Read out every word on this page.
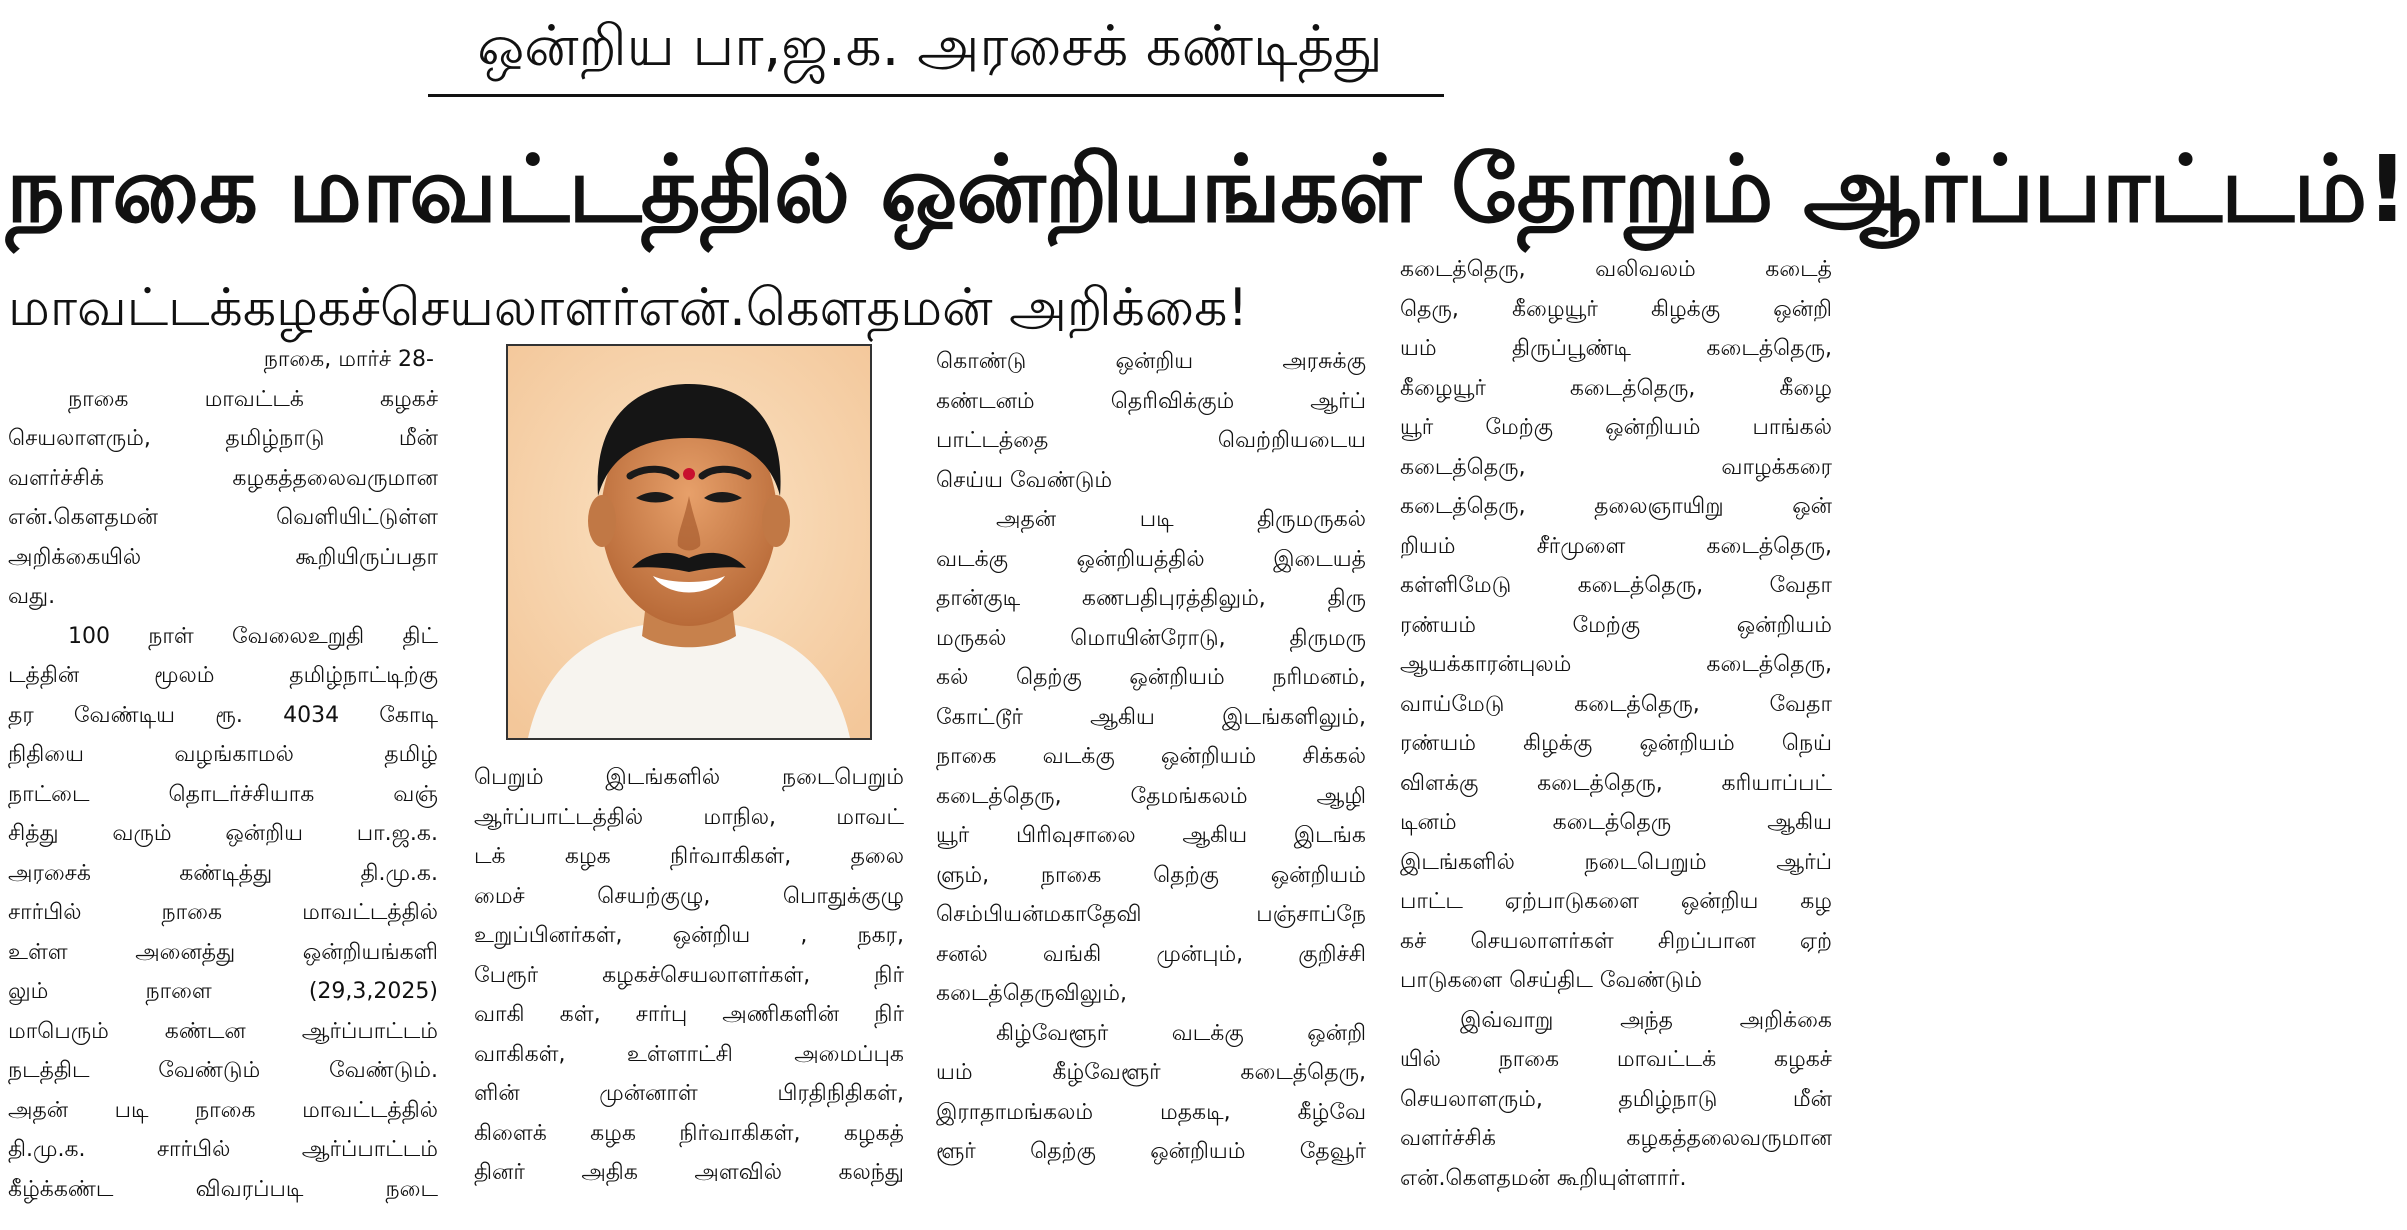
ஒன்றிய பா,ஜ.க. அரசைக் கண்டித்து
நாகை மாவட்டத்தில் ஒன்றியங்கள் தோறும் ஆர்ப்பாட்டம்!
மாவட்டக்கழகச்செயலாளர்என்.கௌதமன் அறிக்கை!
நாகை, மார்ச் 28-
நாகை மாவட்டக் கழகச்
செயலாளரும், தமிழ்நாடு மீன்
வளர்ச்சிக் கழகத்தலைவருமான
என்.கௌதமன் வெளியிட்டுள்ள
அறிக்கையில் கூறியிருப்பதா
வது.
100 நாள் வேலைஉறுதி திட்
டத்தின் மூலம் தமிழ்நாட்டிற்கு
தர வேண்டிய ரூ. 4034 கோடி
நிதியை வழங்காமல் தமிழ்
நாட்டை தொடர்ச்சியாக வஞ்
சித்து வரும் ஒன்றிய பா.ஜ.க.
அரசைக் கண்டித்து தி.மு.க.
சார்பில் நாகை மாவட்டத்தில்
உள்ள அனைத்து ஒன்றியங்களி
லும் நாளை (29,3,2025)
மாபெரும் கண்டன ஆர்ப்பாட்டம்
நடத்திட வேண்டும் வேண்டும்.
அதன் படி நாகை மாவட்டத்தில்
தி.மு.க. சார்பில் ஆர்ப்பாட்டம்
கீழ்க்கண்ட விவரப்படி நடை
பெறும் இடங்களில் நடைபெறும்
ஆர்ப்பாட்டத்தில் மாநில, மாவட்
டக் கழக நிர்வாகிகள், தலை
மைச் செயற்குழு, பொதுக்குழு
உறுப்பினர்கள், ஒன்றிய , நகர,
பேரூர் கழகச்செயலாளர்கள், நிர்
வாகி கள், சார்பு அணிகளின் நிர்
வாகிகள், உள்ளாட்சி அமைப்புக
ளின் முன்னாள் பிரதிநிதிகள்,
கிளைக் கழக நிர்வாகிகள், கழகத்
தினர் அதிக அளவில் கலந்து
கொண்டு ஒன்றிய அரசுக்கு
கண்டனம் தெரிவிக்கும் ஆர்ப்
பாட்டத்தை வெற்றியடைய
செய்ய வேண்டும்
அதன் படி திருமருகல்
வடக்கு ஒன்றியத்தில் இடையத்
தான்குடி கணபதிபுரத்திலும், திரு
மருகல் மொயின்ரோடு, திருமரு
கல் தெற்கு ஒன்றியம் நரிமனம்,
கோட்டூர் ஆகிய இடங்களிலும்,
நாகை வடக்கு ஒன்றியம் சிக்கல்
கடைத்தெரு, தேமங்கலம் ஆழி
யூர் பிரிவுசாலை ஆகிய இடங்க
ளும், நாகை தெற்கு ஒன்றியம்
செம்பியன்மகாதேவி பஞ்சாப்நே
சனல் வங்கி முன்பும், குறிச்சி
கடைத்தெருவிலும்,
கிழ்வேளூர் வடக்கு ஒன்றி
யம் கீழ்வேளூர் கடைத்தெரு,
இராதாமங்கலம் மதகடி, கீழ்வே
ளூர் தெற்கு ஒன்றியம் தேவூர்
கடைத்தெரு, வலிவலம் கடைத்
தெரு, கீழையூர் கிழக்கு ஒன்றி
யம் திருப்பூண்டி கடைத்தெரு,
கீழையூர் கடைத்தெரு, கீழை
யூர் மேற்கு ஒன்றியம் பாங்கல்
கடைத்தெரு, வாழக்கரை
கடைத்தெரு, தலைஞாயிறு ஒன்
றியம் சீர்முளை கடைத்தெரு,
கள்ளிமேடு கடைத்தெரு, வேதா
ரண்யம் மேற்கு ஒன்றியம்
ஆயக்காரன்புலம் கடைத்தெரு,
வாய்மேடு கடைத்தெரு, வேதா
ரண்யம் கிழக்கு ஒன்றியம் நெய்
விளக்கு கடைத்தெரு, கரியாப்பட்
டினம் கடைத்தெரு ஆகிய
இடங்களில் நடைபெறும் ஆர்ப்
பாட்ட ஏற்பாடுகளை ஒன்றிய கழ
கச் செயலாளர்கள் சிறப்பான ஏற்
பாடுகளை செய்திட வேண்டும்
இவ்வாறு அந்த அறிக்கை
யில் நாகை மாவட்டக் கழகச்
செயலாளரும், தமிழ்நாடு மீன்
வளர்ச்சிக் கழகத்தலைவருமான
என்.கௌதமன் கூறியுள்ளார்.
